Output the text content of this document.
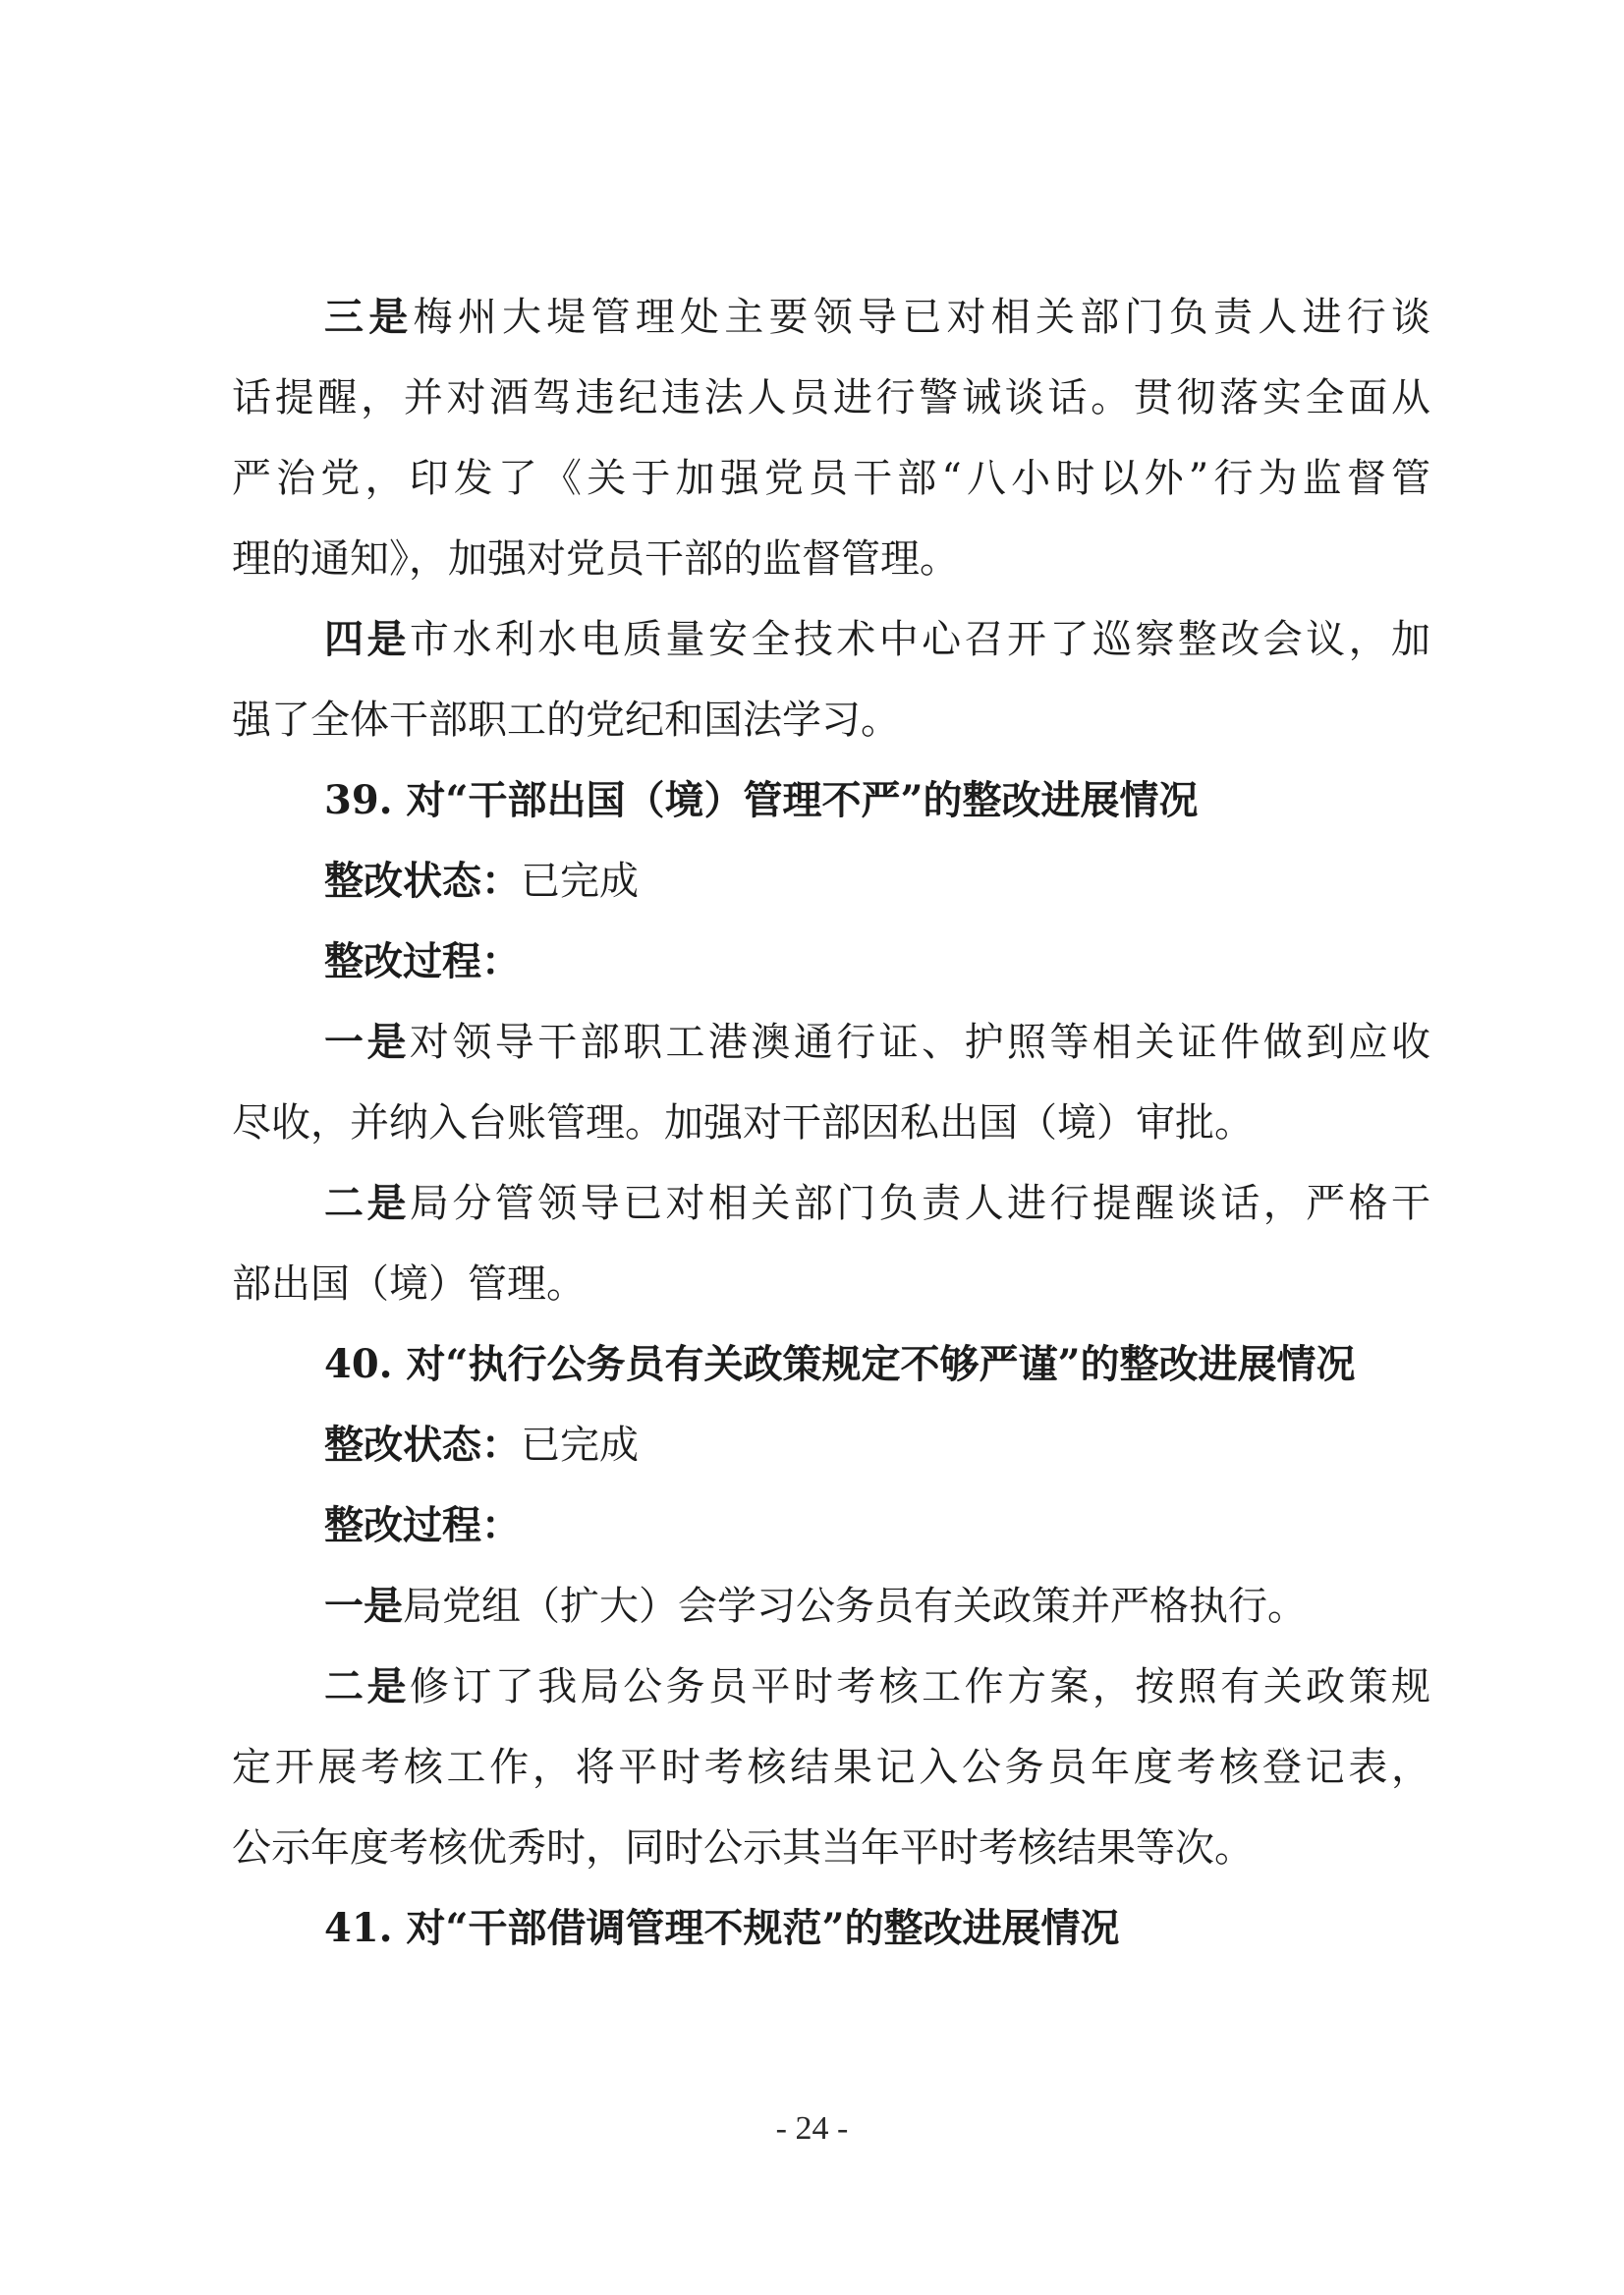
三是梅州大堤管理处主要领导已对相关部门负责人进行谈
话提醒，并对酒驾违纪违法人员进行警诫谈话。贯彻落实全面从
严治党，印发了《关于加强党员干部“八小时以外”行为监督管
理的通知》，加强对党员干部的监督管理。
四是市水利水电质量安全技术中心召开了巡察整改会议，加
强了全体干部职工的党纪和国法学习。
39. 对“干部出国（境）管理不严”的整改进展情况
整改状态：已完成
整改过程：
一是对领导干部职工港澳通行证、护照等相关证件做到应收
尽收，并纳入台账管理。加强对干部因私出国（境）审批。
二是局分管领导已对相关部门负责人进行提醒谈话，严格干
部出国（境）管理。
40. 对“执行公务员有关政策规定不够严谨”的整改进展情况
整改状态：已完成
整改过程：
一是局党组（扩大）会学习公务员有关政策并严格执行。
二是修订了我局公务员平时考核工作方案，按照有关政策规
定开展考核工作，将平时考核结果记入公务员年度考核登记表，
公示年度考核优秀时，同时公示其当年平时考核结果等次。
41. 对“干部借调管理不规范”的整改进展情况
- 24 -
